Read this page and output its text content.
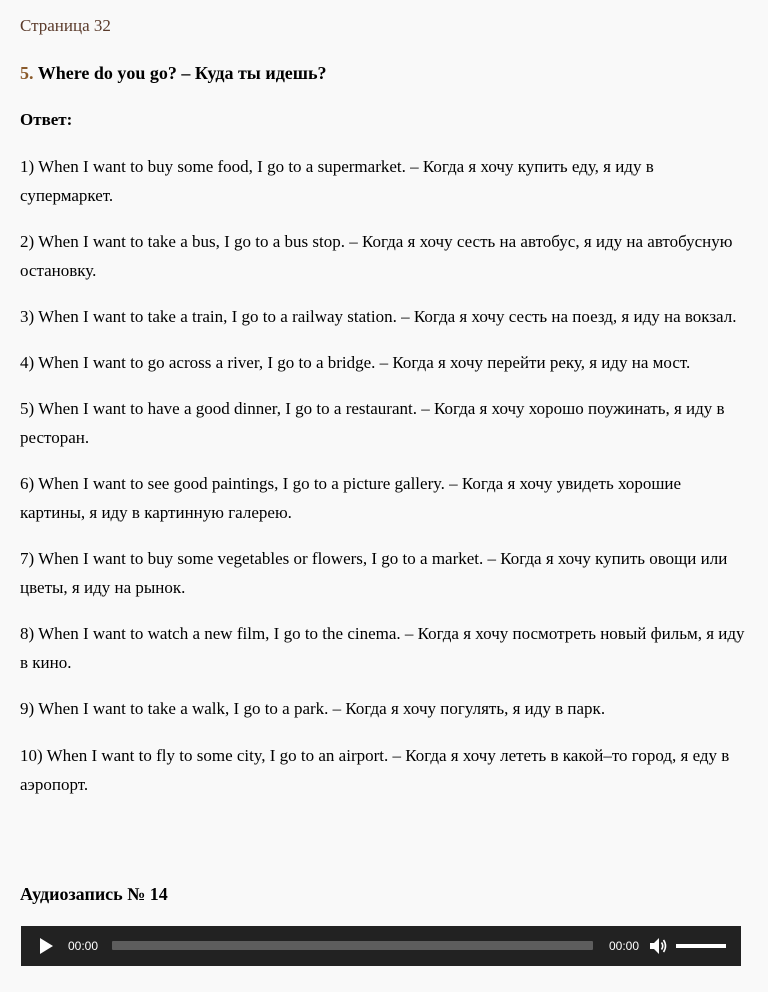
Страница 32
5. Where do you go? – Куда ты идешь?
Ответ:
1) When I want to buy some food, I go to a supermarket. – Когда я хочу купить еду, я иду в супермаркет.
2) When I want to take a bus, I go to a bus stop. – Когда я хочу сесть на автобус, я иду на автобусную остановку.
3) When I want to take a train, I go to a railway station. – Когда я хочу сесть на поезд, я иду на вокзал.
4) When I want to go across a river, I go to a bridge. – Когда я хочу перейти реку, я иду на мост.
5) When I want to have a good dinner, I go to a restaurant. – Когда я хочу хорошо поужинать, я иду в ресторан.
6) When I want to see good paintings, I go to a picture gallery. – Когда я хочу увидеть хорошие картины, я иду в картинную галерею.
7) When I want to buy some vegetables or flowers, I go to a market. – Когда я хочу купить овощи или цветы, я иду на рынок.
8) When I want to watch a new film, I go to the cinema. – Когда я хочу посмотреть новый фильм, я иду в кино.
9) When I want to take a walk, I go to a park. – Когда я хочу погулять, я иду в парк.
10) When I want to fly to some city, I go to an airport. – Когда я хочу лететь в какой–то город, я еду в аэропорт.
Аудиозапись № 14
00:00	00:00
